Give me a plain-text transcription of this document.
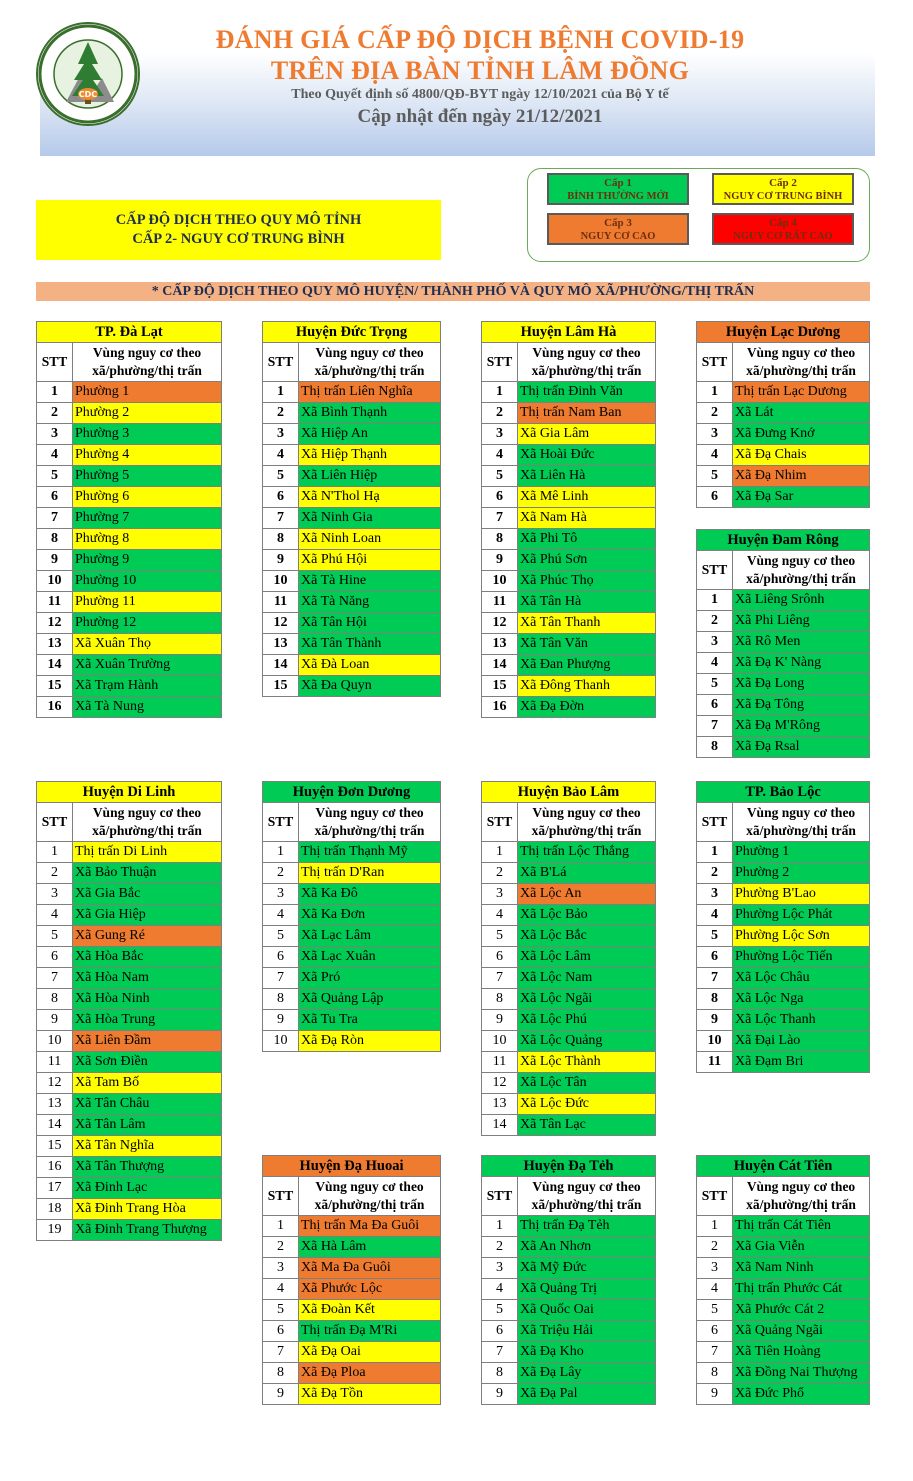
CDC
ĐÁNH GIÁ CẤP ĐỘ DỊCH BỆNH COVID-19
TRÊN ĐỊA BÀN TỈNH LÂM ĐỒNG
Theo Quyết định số 4800/QĐ-BYT ngày 12/10/2021 của Bộ Y tế
Cập nhật đến ngày 21/12/2021
Cấp 1
BÌNH THƯỜNG MỚI
Cấp 2
NGUY CƠ TRUNG BÌNH
Cấp 3
NGUY CƠ CAO
Cấp 4
NGUY CƠ RẤT CAO
CẤP ĐỘ DỊCH THEO QUY MÔ TỈNH
CẤP 2- NGUY CƠ TRUNG BÌNH
* CẤP ĐỘ DỊCH THEO QUY MÔ HUYỆN/ THÀNH PHỐ VÀ QUY MÔ XÃ/PHƯỜNG/THỊ TRẤN
TP. Đà Lạt	
STT	Vùng nguy cơ theo
xã/phường/thị trấn

1	Phường 1
2	Phường 2
3	Phường 3
4	Phường 4
5	Phường 5
6	Phường 6
7	Phường 7
8	Phường 8
9	Phường 9
10	Phường 10
11	Phường 11
12	Phường 12
13	Xã Xuân Thọ
14	Xã Xuân Trường
15	Xã Trạm Hành
16	Xã Tà Nung
Huyện Đức Trọng	
STT	Vùng nguy cơ theo
xã/phường/thị trấn

1	Thị trấn Liên Nghĩa
2	Xã Bình Thạnh
3	Xã Hiệp An
4	Xã Hiệp Thạnh
5	Xã Liên Hiệp
6	Xã N'Thol Hạ
7	Xã Ninh Gia
8	Xã Ninh Loan
9	Xã Phú Hội
10	Xã Tà Hine
11	Xã Tà Năng
12	Xã Tân Hội
13	Xã Tân Thành
14	Xã Đà Loan
15	Xã Đa Quyn
Huyện Lâm Hà	
STT	Vùng nguy cơ theo
xã/phường/thị trấn

1	Thị trấn Đinh Văn
2	Thị trấn Nam Ban
3	Xã Gia Lâm
4	Xã Hoài Đức
5	Xã Liên Hà
6	Xã Mê Linh
7	Xã Nam Hà
8	Xã Phi Tô
9	Xã Phú Sơn
10	Xã Phúc Thọ
11	Xã Tân Hà
12	Xã Tân Thanh
13	Xã Tân Văn
14	Xã Đan Phượng
15	Xã Đông Thanh
16	Xã Đạ Đờn
Huyện Lạc Dương	
STT	Vùng nguy cơ theo
xã/phường/thị trấn

1	Thị trấn Lạc Dương
2	Xã Lát
3	Xã Đưng Knớ
4	Xã Đạ Chais
5	Xã Đạ Nhim
6	Xã Đạ Sar
Huyện Đam Rông	
STT	Vùng nguy cơ theo
xã/phường/thị trấn

1	Xã Liêng Srônh
2	Xã Phi Liêng
3	Xã Rô Men
4	Xã Đạ K' Nàng
5	Xã Đạ Long
6	Xã Đạ Tông
7	Xã Đạ M'Rông
8	Xã Đạ Rsal
Huyện Di Linh	
STT	Vùng nguy cơ theo
xã/phường/thị trấn

1	Thị trấn Di Linh
2	Xã Bảo Thuận
3	Xã Gia Bắc
4	Xã Gia Hiệp
5	Xã Gung Ré
6	Xã Hòa Bắc
7	Xã Hòa Nam
8	Xã Hòa Ninh
9	Xã Hòa Trung
10	Xã Liên Đầm
11	Xã Sơn Điền
12	Xã Tam Bố
13	Xã Tân Châu
14	Xã Tân Lâm
15	Xã Tân Nghĩa
16	Xã Tân Thượng
17	Xã Đinh Lạc
18	Xã Đinh Trang Hòa
19	Xã Đinh Trang Thượng
Huyện Đơn Dương	
STT	Vùng nguy cơ theo
xã/phường/thị trấn

1	Thị trấn Thạnh Mỹ
2	Thị trấn D'Ran
3	Xã Ka Đô
4	Xã Ka Đơn
5	Xã Lạc Lâm
6	Xã Lạc Xuân
7	Xã Pró
8	Xã Quảng Lập
9	Xã Tu Tra
10	Xã Đạ Ròn
Huyện Bảo Lâm	
STT	Vùng nguy cơ theo
xã/phường/thị trấn

1	Thị trấn Lộc Thắng
2	Xã B'Lá
3	Xã Lộc An
4	Xã Lộc Bảo
5	Xã Lộc Bắc
6	Xã Lộc Lâm
7	Xã Lộc Nam
8	Xã Lộc Ngãi
9	Xã Lộc Phú
10	Xã Lộc Quảng
11	Xã Lộc Thành
12	Xã Lộc Tân
13	Xã Lộc Đức
14	Xã Tân Lạc
TP. Bảo Lộc	
STT	Vùng nguy cơ theo
xã/phường/thị trấn

1	Phường 1
2	Phường 2
3	Phường B'Lao
4	Phường Lộc Phát
5	Phường Lộc Sơn
6	Phường Lộc Tiến
7	Xã Lộc Châu
8	Xã Lộc Nga
9	Xã Lộc Thanh
10	Xã Đại Lào
11	Xã Đạm Bri
Huyện Đạ Huoai	
STT	Vùng nguy cơ theo
xã/phường/thị trấn

1	Thị trấn Ma Đa Guôi
2	Xã Hà Lâm
3	Xã Ma Đa Guôi
4	Xã Phước Lộc
5	Xã Đoàn Kết
6	Thị trấn Đạ M'Ri
7	Xã Đạ Oai
8	Xã Đạ Ploa
9	Xã Đạ Tồn
Huyện Đạ Tẻh	
STT	Vùng nguy cơ theo
xã/phường/thị trấn

1	Thị trấn Đạ Tẻh
2	Xã An Nhơn
3	Xã Mỹ Đức
4	Xã Quảng Trị
5	Xã Quốc Oai
6	Xã Triệu Hải
7	Xã Đạ Kho
8	Xã Đạ Lây
9	Xã Đạ Pal
Huyện Cát Tiên	
STT	Vùng nguy cơ theo
xã/phường/thị trấn

1	Thị trấn Cát Tiên
2	Xã Gia Viễn
3	Xã Nam Ninh
4	Thị trấn Phước Cát
5	Xã Phước Cát 2
6	Xã Quảng Ngãi
7	Xã Tiên Hoàng
8	Xã Đồng Nai Thượng
9	Xã Đức Phổ
